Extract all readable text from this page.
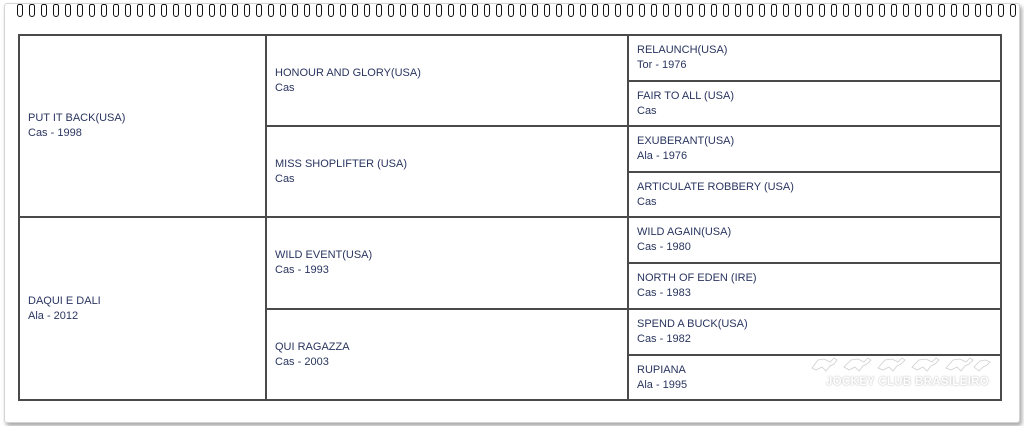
PUT IT BACK(USA)
Cas - 1998
DAQUI E DALI
Ala - 2012
HONOUR AND GLORY(USA)
Cas
MISS SHOPLIFTER (USA)
Cas
WILD EVENT(USA)
Cas - 1993
QUI RAGAZZA
Cas - 2003
RELAUNCH(USA)
Tor - 1976
FAIR TO ALL (USA)
Cas
EXUBERANT(USA)
Ala - 1976
ARTICULATE ROBBERY (USA)
Cas
WILD AGAIN(USA)
Cas - 1980
NORTH OF EDEN (IRE)
Cas - 1983
SPEND A BUCK(USA)
Cas - 1982
RUPIANA
Ala - 1995	JOCKEY CLUB BRASILEIRO
